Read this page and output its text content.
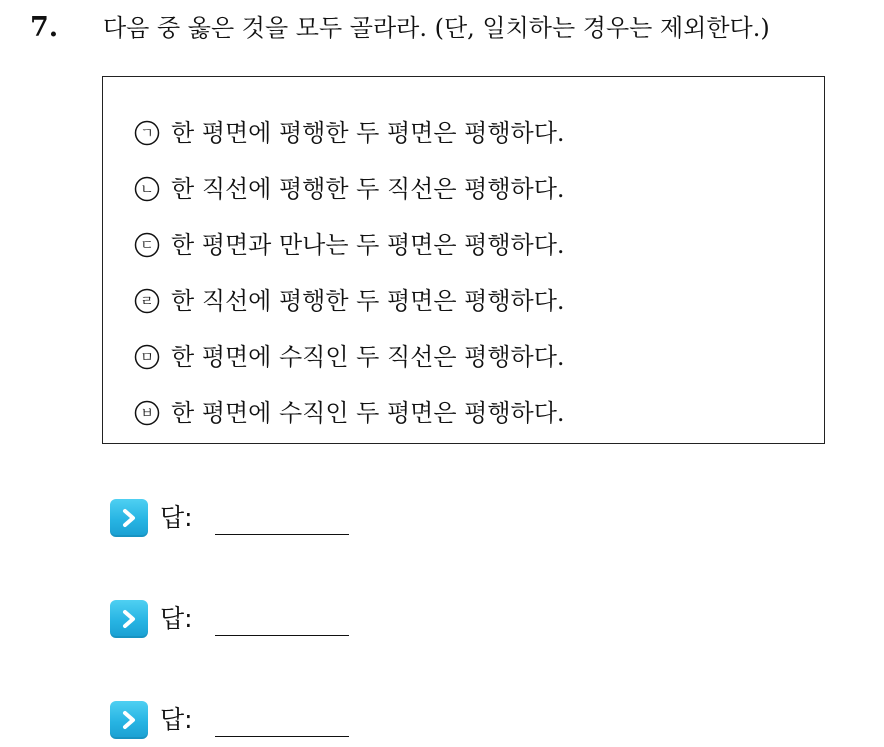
7. 다음 중 옳은 것을 모두 골라라. (단, 일치하는 경우는 제외한다.)
ㄱ 한 평면에 평행한 두 평면은 평행하다.
ㄴ 한 직선에 평행한 두 직선은 평행하다.
ㄷ 한 평면과 만나는 두 평면은 평행하다.
ㄹ 한 직선에 평행한 두 평면은 평행하다.
ㅁ 한 평면에 수직인 두 직선은 평행하다.
ㅂ 한 평면에 수직인 두 평면은 평행하다.
답:
답:
답:
